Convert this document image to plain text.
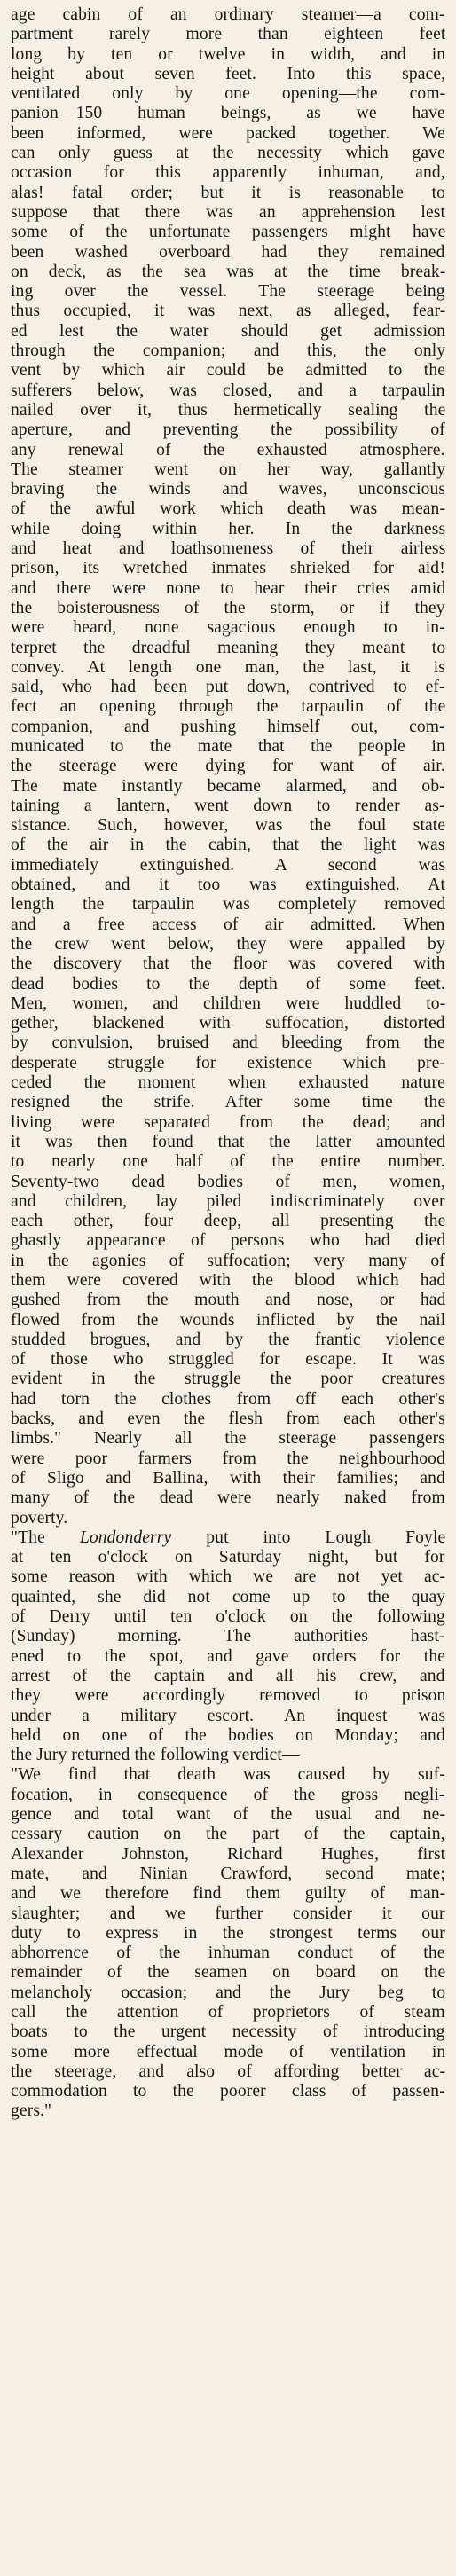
age cabin of an ordinary steamer—a com-
partment rarely more than eighteen feet
long by ten or twelve in width, and in
height about seven feet. Into this space,
ventilated only by one opening—the com-
panion—150 human beings, as we have
been informed, were packed together. We
can only guess at the necessity which gave
occasion for this apparently inhuman, and,
alas! fatal order; but it is reasonable to
suppose that there was an apprehension lest
some of the unfortunate passengers might have
been washed overboard had they remained
on deck, as the sea was at the time break-
ing over the vessel. The steerage being
thus occupied, it was next, as alleged, fear-
ed lest the water should get admission
through the companion; and this, the only
vent by which air could be admitted to the
sufferers below, was closed, and a tarpaulin
nailed over it, thus hermetically sealing the
aperture, and preventing the possibility of
any renewal of the exhausted atmosphere.
The steamer went on her way, gallantly
braving the winds and waves, unconscious
of the awful work which death was mean-
while doing within her. In the darkness
and heat and loathsomeness of their airless
prison, its wretched inmates shrieked for aid!
and there were none to hear their cries amid
the boisterousness of the storm, or if they
were heard, none sagacious enough to in-
terpret the dreadful meaning they meant to
convey. At length one man, the last, it is
said, who had been put down, contrived to ef-
fect an opening through the tarpaulin of the
companion, and pushing himself out, com-
municated to the mate that the people in
the steerage were dying for want of air.
The mate instantly became alarmed, and ob-
taining a lantern, went down to render as-
sistance. Such, however, was the foul state
of the air in the cabin, that the light was
immediately extinguished. A second was
obtained, and it too was extinguished. At
length the tarpaulin was completely removed
and a free access of air admitted. When
the crew went below, they were appalled by
the discovery that the floor was covered with
dead bodies to the depth of some feet.
Men, women, and children were huddled to-
gether, blackened with suffocation, distorted
by convulsion, bruised and bleeding from the
desperate struggle for existence which pre-
ceded the moment when exhausted nature
resigned the strife. After some time the
living were separated from the dead; and
it was then found that the latter amounted
to nearly one half of the entire number.
Seventy-two dead bodies of men, women,
and children, lay piled indiscriminately over
each other, four deep, all presenting the
ghastly appearance of persons who had died
in the agonies of suffocation; very many of
them were covered with the blood which had
gushed from the mouth and nose, or had
flowed from the wounds inflicted by the nail
studded brogues, and by the frantic violence
of those who struggled for escape. It was
evident in the struggle the poor creatures
had torn the clothes from off each other's
backs, and even the flesh from each other's
limbs." Nearly all the steerage passengers
were poor farmers from the neighbourhood
of Sligo and Ballina, with their families; and
many of the dead were nearly naked from
poverty.
"The Londonderry put into Lough Foyle
at ten o'clock on Saturday night, but for
some reason with which we are not yet ac-
quainted, she did not come up to the quay
of Derry until ten o'clock on the following
(Sunday) morning. The authorities hast-
ened to the spot, and gave orders for the
arrest of the captain and all his crew, and
they were accordingly removed to prison
under a military escort. An inquest was
held on one of the bodies on Monday; and
the Jury returned the following verdict—
"We find that death was caused by suf-
focation, in consequence of the gross negli-
gence and total want of the usual and ne-
cessary caution on the part of the captain,
Alexander Johnston, Richard Hughes, first
mate, and Ninian Crawford, second mate;
and we therefore find them guilty of man-
slaughter; and we further consider it our
duty to express in the strongest terms our
abhorrence of the inhuman conduct of the
remainder of the seamen on board on the
melancholy occasion; and the Jury beg to
call the attention of proprietors of steam
boats to the urgent necessity of introducing
some more effectual mode of ventilation in
the steerage, and also of affording better ac-
commodation to the poorer class of passen-
gers."
